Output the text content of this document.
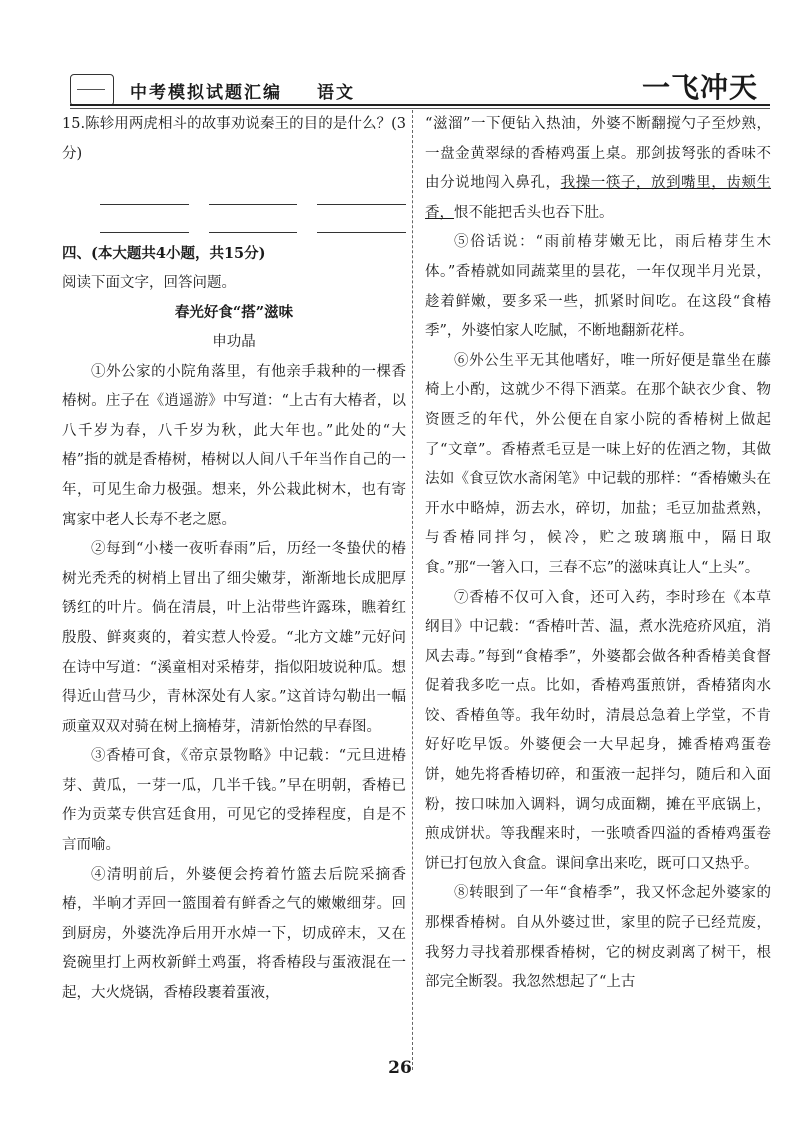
中考模拟试题汇编 语文	一飞冲天

15.陈轸用两虎相斗的故事劝说秦王的目的是什么？(3分)

四、(本大题共4小题，共15分)

阅读下面文字，回答问题。

春光好食“搭”滋味

申功晶

①外公家的小院角落里，有他亲手栽种的一棵香椿树。庄子在《逍遥游》中写道：“上古有大椿者，以八千岁为春，八千岁为秋，此大年也。”此处的“大椿”指的就是香椿树，椿树以人间八千年当作自己的一年，可见生命力极强。想来，外公栽此树木，也有寄寓家中老人长寿不老之愿。

②每到“小楼一夜听春雨”后，历经一冬蛰伏的椿树光秃秃的树梢上冒出了细尖嫩芽，渐渐地长成肥厚锈红的叶片。倘在清晨，叶上沾带些许露珠，瞧着红殷殷、鲜爽爽的，着实惹人怜爱。“北方文雄”元好问在诗中写道：“溪童相对采椿芽，指似阳坡说种瓜。想得近山营马少，青林深处有人家。”这首诗勾勒出一幅顽童双双对骑在树上摘椿芽，清新怡然的早春图。

③香椿可食，《帝京景物略》中记载：“元旦进椿芽、黄瓜，一芽一瓜，几半千钱。”早在明朝，香椿已作为贡菜专供宫廷食用，可见它的受捧程度，自是不言而喻。

④清明前后，外婆便会挎着竹篮去后院采摘香椿，半晌才弄回一篮围着有鲜香之气的嫩嫩细芽。回到厨房，外婆洗净后用开水焯一下，切成碎末，又在瓷碗里打上两枚新鲜土鸡蛋，将香椿段与蛋液混在一起，大火烧锅，香椿段裹着蛋液，

“滋溜”一下便钻入热油，外婆不断翻搅勺子至炒熟，一盘金黄翠绿的香椿鸡蛋上桌。那剑拔弩张的香味不由分说地闯入鼻孔，我操一筷子，放到嘴里，齿颊生香，恨不能把舌头也吞下肚。

⑤俗话说：“雨前椿芽嫩无比，雨后椿芽生木体。”香椿就如同蔬菜里的昙花，一年仅现半月光景，趁着鲜嫩，要多采一些，抓紧时间吃。在这段“食椿季”，外婆怕家人吃腻，不断地翻新花样。

⑥外公生平无其他嗜好，唯一所好便是靠坐在藤椅上小酌，这就少不得下酒菜。在那个缺衣少食、物资匮乏的年代，外公便在自家小院的香椿树上做起了“文章”。香椿煮毛豆是一味上好的佐酒之物，其做法如《食豆饮水斋闲笔》中记载的那样：“香椿嫩头在开水中略焯，沥去水，碎切，加盐；毛豆加盐煮熟，与香椿同拌匀，候冷，贮之玻璃瓶中，隔日取食。”那“一箸入口，三春不忘”的滋味真让人“上头”。

⑦香椿不仅可入食，还可入药，李时珍在《本草纲目》中记载：“香椿叶苦、温，煮水洗疮疥风疽，消风去毒。”每到“食椿季”，外婆都会做各种香椿美食督促着我多吃一点。比如，香椿鸡蛋煎饼，香椿猪肉水饺、香椿鱼等。我年幼时，清晨总急着上学堂，不肯好好吃早饭。外婆便会一大早起身，摊香椿鸡蛋卷饼，她先将香椿切碎，和蛋液一起拌匀，随后和入面粉，按口味加入调料，调匀成面糊，摊在平底锅上，煎成饼状。等我醒来时，一张喷香四溢的香椿鸡蛋卷饼已打包放入食盒。课间拿出来吃，既可口又热乎。

⑧转眼到了一年“食椿季”，我又怀念起外婆家的那棵香椿树。自从外婆过世，家里的院子已经荒废，我努力寻找着那棵香椿树，它的树皮剥离了树干，根部完全断裂。我忽然想起了“上古

26
